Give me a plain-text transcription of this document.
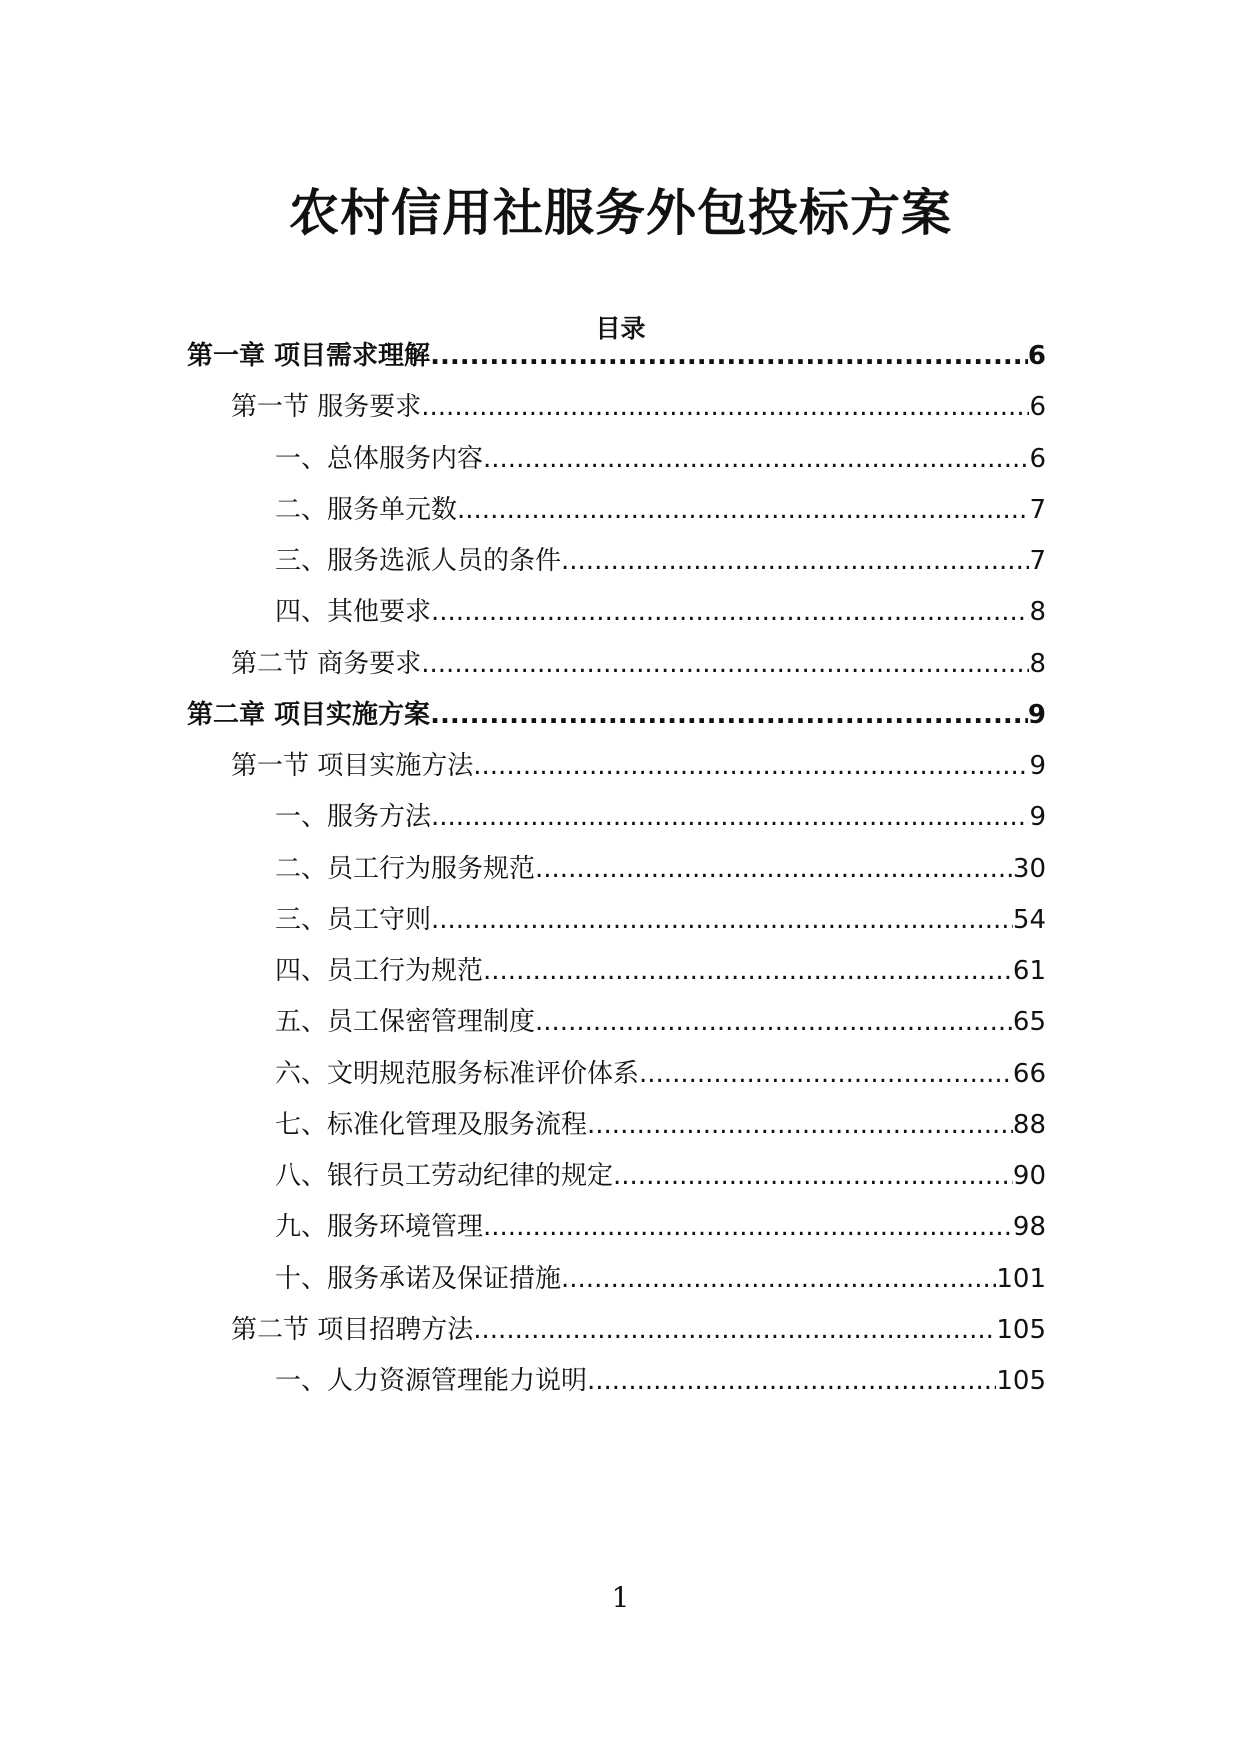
农村信用社服务外包投标方案
目录
第一章 项目需求理解 .....	6
第一节 服务要求 .....	6
一、总体服务内容 .....	6
二、服务单元数 .....	7
三、服务选派人员的条件 .....	7
四、其他要求 .....	8
第二节 商务要求 .....	8
第二章 项目实施方案 .....	9
第一节 项目实施方法 .....	9
一、服务方法 .....	9
二、员工行为服务规范 .....	30
三、员工守则 .....	54
四、员工行为规范 .....	61
五、员工保密管理制度 .....	65
六、文明规范服务标准评价体系 .....	66
七、标准化管理及服务流程 .....	88
八、银行员工劳动纪律的规定 .....	90
九、服务环境管理 .....	98
十、服务承诺及保证措施 .....	101
第二节 项目招聘方法 .....	105
一、人力资源管理能力说明 .....	105
1
